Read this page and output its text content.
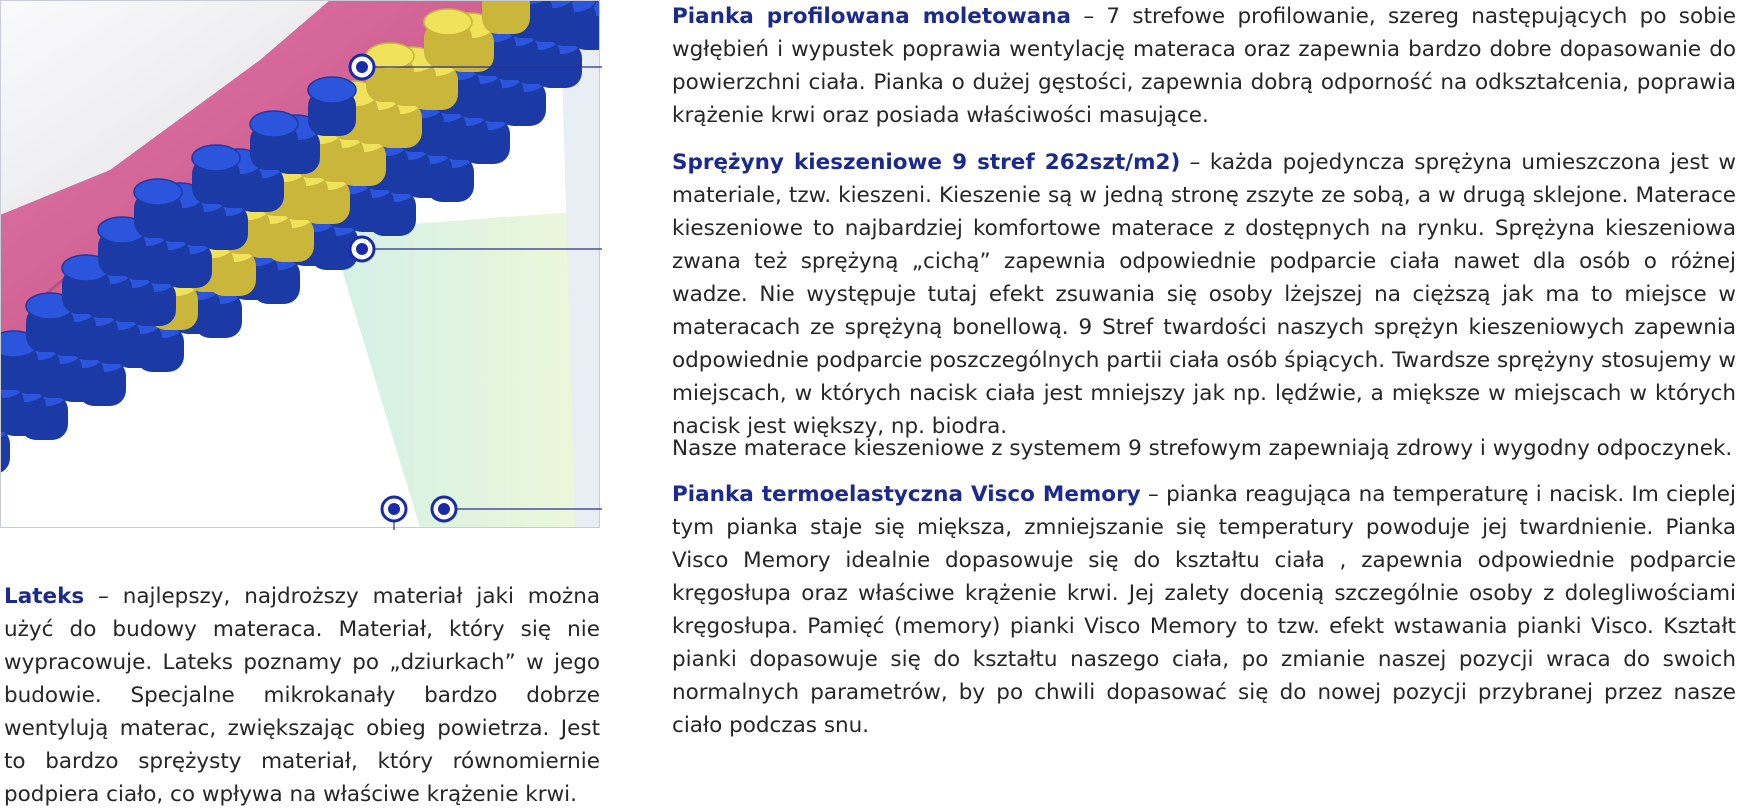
Pianka profilowana moletowana – 7 strefowe profilowanie, szereg następujących po sobie wgłębień i wypustek poprawia wentylację materaca oraz zapewnia bardzo dobre dopasowanie do powierzchni ciała. Pianka o dużej gęstości, zapewnia dobrą odporność na odkształcenia, poprawia krążenie krwi oraz posiada właściwości masujące.

Sprężyny kieszeniowe 9 stref 262szt/m2) – każda pojedyncza sprężyna umieszczona jest w materiale, tzw. kieszeni. Kieszenie są w jedną stronę zszyte ze sobą, a w drugą sklejone. Materace kieszeniowe to najbardziej komfortowe materace z dostępnych na rynku. Sprężyna kieszeniowa zwana też sprężyną „cichą” zapewnia odpowiednie podparcie ciała nawet dla osób o różnej wadze. Nie występuje tutaj efekt zsuwania się osoby lżejszej na cięższą jak ma to miejsce w materacach ze sprężyną bonellową. 9 Stref twardości naszych sprężyn kieszeniowych zapewnia odpowiednie podparcie poszczególnych partii ciała osób śpiących. Twardsze sprężyny stosujemy w miejscach, w których nacisk ciała jest mniejszy jak np. lędźwie, a miększe w miejscach w których nacisk jest większy, np. biodra.

Nasze materace kieszeniowe z systemem 9 strefowym zapewniają zdrowy i wygodny odpoczynek.

Pianka termoelastyczna Visco Memory – pianka reagująca na temperaturę i nacisk. Im cieplej tym pianka staje się miększa, zmniejszanie się temperatury powoduje jej twardnienie. Pianka Visco Memory idealnie dopasowuje się do kształtu ciała , zapewnia odpowiednie podparcie kręgosłupa oraz właściwe krążenie krwi. Jej zalety docenią szczególnie osoby z dolegliwościami kręgosłupa. Pamięć (memory) pianki Visco Memory to tzw. efekt wstawania pianki Visco. Kształt pianki dopasowuje się do kształtu naszego ciała, po zmianie naszej pozycji wraca do swoich normalnych parametrów, by po chwili dopasować się do nowej pozycji przybranej przez nasze ciało podczas snu.

Lateks – najlepszy, najdroższy materiał jaki można użyć do budowy materaca. Materiał, który się nie wypracowuje. Lateks poznamy po „dziurkach” w jego budowie. Specjalne mikrokanały bardzo dobrze wentylują materac, zwiększając obieg powietrza. Jest to bardzo sprężysty materiał, który równomiernie podpiera ciało, co wpływa na właściwe krążenie krwi.
